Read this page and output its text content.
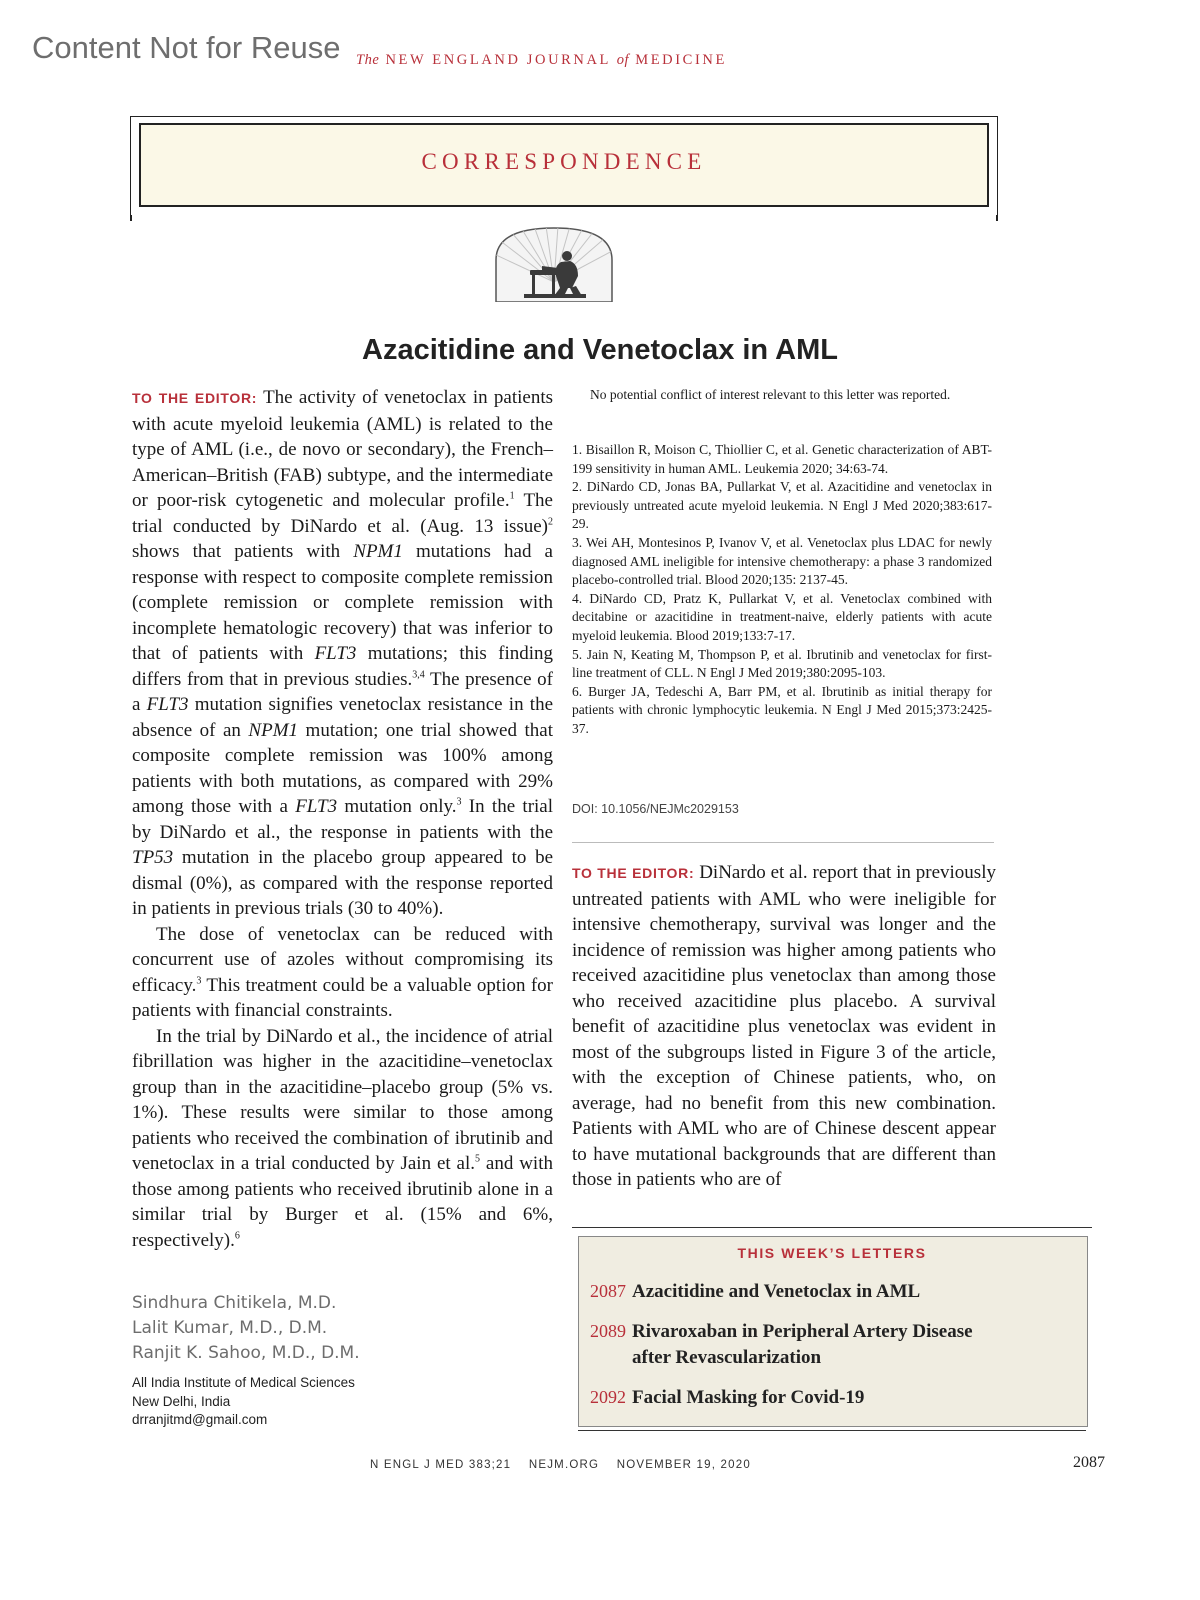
Content Not for Reuse The NEW ENGLAND JOURNAL of MEDICINE
CORRESPONDENCE
Azacitidine and Venetoclax in AML

TO THE EDITOR: The activity of venetoclax in patients with acute myeloid leukemia (AML) is related to the type of AML (i.e., de novo or secondary), the French–American–British (FAB) subtype, and the intermediate or poor-risk cytogenetic and molecular profile.$^1$ The trial conducted by DiNardo et al. (Aug. 13 issue)$^2$ shows that patients with NPM1 mutations had a response with respect to composite complete remission (complete remission or complete remission with incomplete hematologic recovery) that was inferior to that of patients with FLT3 mutations; this finding differs from that in previous studies.$^{3,4}$ The presence of a FLT3 mutation signifies venetoclax resistance in the absence of an NPM1 mutation; one trial showed that composite complete remission was 100% among patients with both mutations, as compared with 29% among those with a FLT3 mutation only.$^3$ In the trial by DiNardo et al., the response in patients with the TP53 mutation in the placebo group appeared to be dismal (0%), as compared with the response reported in patients in previous trials (30 to 40%).

The dose of venetoclax can be reduced with concurrent use of azoles without compromising its efficacy.$^3$ This treatment could be a valuable option for patients with financial constraints.

In the trial by DiNardo et al., the incidence of atrial fibrillation was higher in the azacitidine–venetoclax group than in the azacitidine–placebo group (5% vs. 1%). These results were similar to those among patients who received the combination of ibrutinib and venetoclax in a trial conducted by Jain et al.$^5$ and with those among patients who received ibrutinib alone in a similar trial by Burger et al. (15% and 6%, respectively).$^6$

Sindhura Chitikela, M.D.
Lalit Kumar, M.D., D.M.
Ranjit K. Sahoo, M.D., D.M.
All India Institute of Medical Sciences
New Delhi, India
drranjitmd@gmail.com
No potential conflict of interest relevant to this letter was reported.
1. Bisaillon R, Moison C, Thiollier C, et al. Genetic characterization of ABT-199 sensitivity in human AML. Leukemia 2020; 34:63-74.
2. DiNardo CD, Jonas BA, Pullarkat V, et al. Azacitidine and venetoclax in previously untreated acute myeloid leukemia. N Engl J Med 2020;383:617-29.
3. Wei AH, Montesinos P, Ivanov V, et al. Venetoclax plus LDAC for newly diagnosed AML ineligible for intensive chemotherapy: a phase 3 randomized placebo-controlled trial. Blood 2020;135: 2137-45.
4. DiNardo CD, Pratz K, Pullarkat V, et al. Venetoclax combined with decitabine or azacitidine in treatment-naive, elderly patients with acute myeloid leukemia. Blood 2019;133:7-17.
5. Jain N, Keating M, Thompson P, et al. Ibrutinib and venetoclax for first-line treatment of CLL. N Engl J Med 2019;380:2095-103.
6. Burger JA, Tedeschi A, Barr PM, et al. Ibrutinib as initial therapy for patients with chronic lymphocytic leukemia. N Engl J Med 2015;373:2425-37.
DOI: 10.1056/NEJMc2029153

TO THE EDITOR: DiNardo et al. report that in previously untreated patients with AML who were ineligible for intensive chemotherapy, survival was longer and the incidence of remission was higher among patients who received azacitidine plus venetoclax than among those who received azacitidine plus placebo. A survival benefit of azacitidine plus venetoclax was evident in most of the subgroups listed in Figure 3 of the article, with the exception of Chinese patients, who, on average, had no benefit from this new combination. Patients with AML who are of Chinese descent appear to have mutational backgrounds that are different than those in patients who are of

THIS WEEK’S LETTERS
2087 Azacitidine and Venetoclax in AML
2089 Rivaroxaban in Peripheral Artery Disease after Revascularization
2092 Facial Masking for Covid-19
N ENGL J MED 383;21 NEJM.ORG NOVEMBER 19, 2020	2087
